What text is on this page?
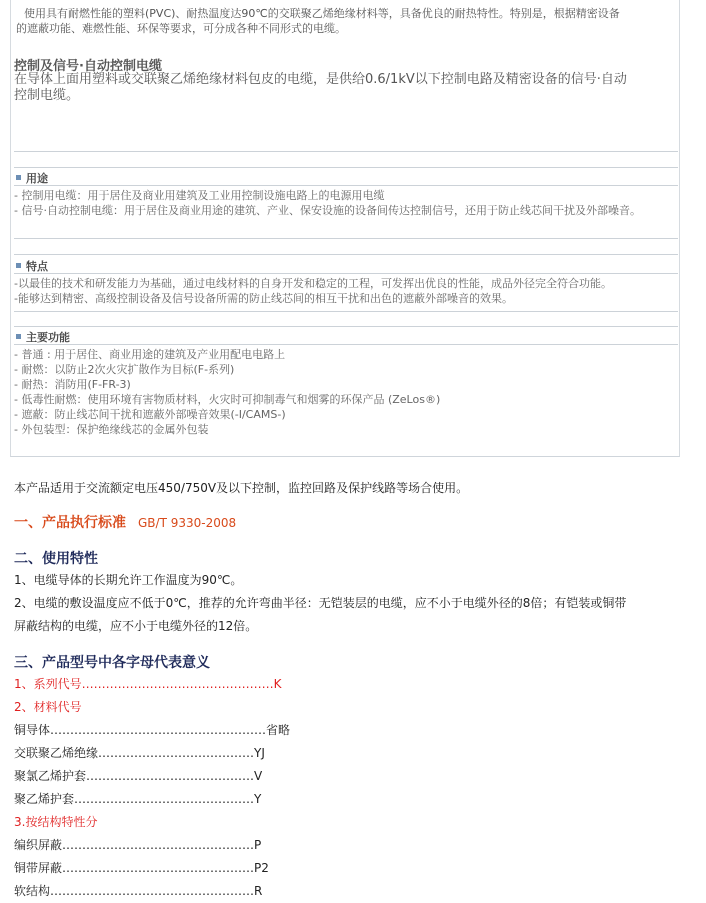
使用具有耐燃性能的塑料(PVC)、耐热温度达90℃的交联聚乙烯绝缘材料等，具备优良的耐热特性。特别是，根据精密设备
的遮蔽功能、难燃性能、环保等要求，可分成各种不同形式的电缆。
控制及信号·自动控制电缆
在导体上面用塑料或交联聚乙烯绝缘材料包皮的电缆，是供给0.6/1kV以下控制电路及精密设备的信号·自动
控制电缆。
用途
- 控制用电缆：用于居住及商业用建筑及工业用控制设施电路上的电源用电缆
- 信号·自动控制电缆：用于居住及商业用途的建筑、产业、保安设施的设备间传达控制信号，还用于防止线芯间干扰及外部噪音。
特点
-以最佳的技术和研发能力为基础，通过电线材料的自身开发和稳定的工程，可发挥出优良的性能，成品外径完全符合功能。
-能够达到精密、高级控制设备及信号设备所需的防止线芯间的相互干扰和出色的遮蔽外部噪音的效果。
主要功能
- 普通 : 用于居住、商业用途的建筑及产业用配电电路上
- 耐燃：以防止2次火灾扩散作为目标(F-系列)
- 耐热：消防用(F-FR-3)
- 低毒性耐燃：使用环境有害物质材料，火灾时可抑制毒气和烟雾的环保产品 (ZeLos®)
- 遮蔽：防止线芯间干扰和遮蔽外部噪音效果(-I/CAMS-)
- 外包装型：保护绝缘线芯的金属外包装
本产品适用于交流额定电压450/750V及以下控制，监控回路及保护线路等场合使用。
一、产品执行标准 GB/T 9330-2008
二、使用特性
1、电缆导体的长期允许工作温度为90℃。
2、电缆的敷设温度应不低于0℃，推荐的允许弯曲半径：无铠装层的电缆，应不小于电缆外径的8倍；有铠装或铜带
屏蔽结构的电缆，应不小于电缆外径的12倍。
三、产品型号中各字母代表意义
1、系列代号…………………………………………K
2、材料代号
铜导体………………………………………………省略
交联聚乙烯绝缘…………………………………YJ
聚氯乙烯护套……………………………………V
聚乙烯护套………………………………………Y
3.按结构特性分
编织屏蔽…………………………………………P
铜带屏蔽…………………………………………P2
软结构……………………………………………R
